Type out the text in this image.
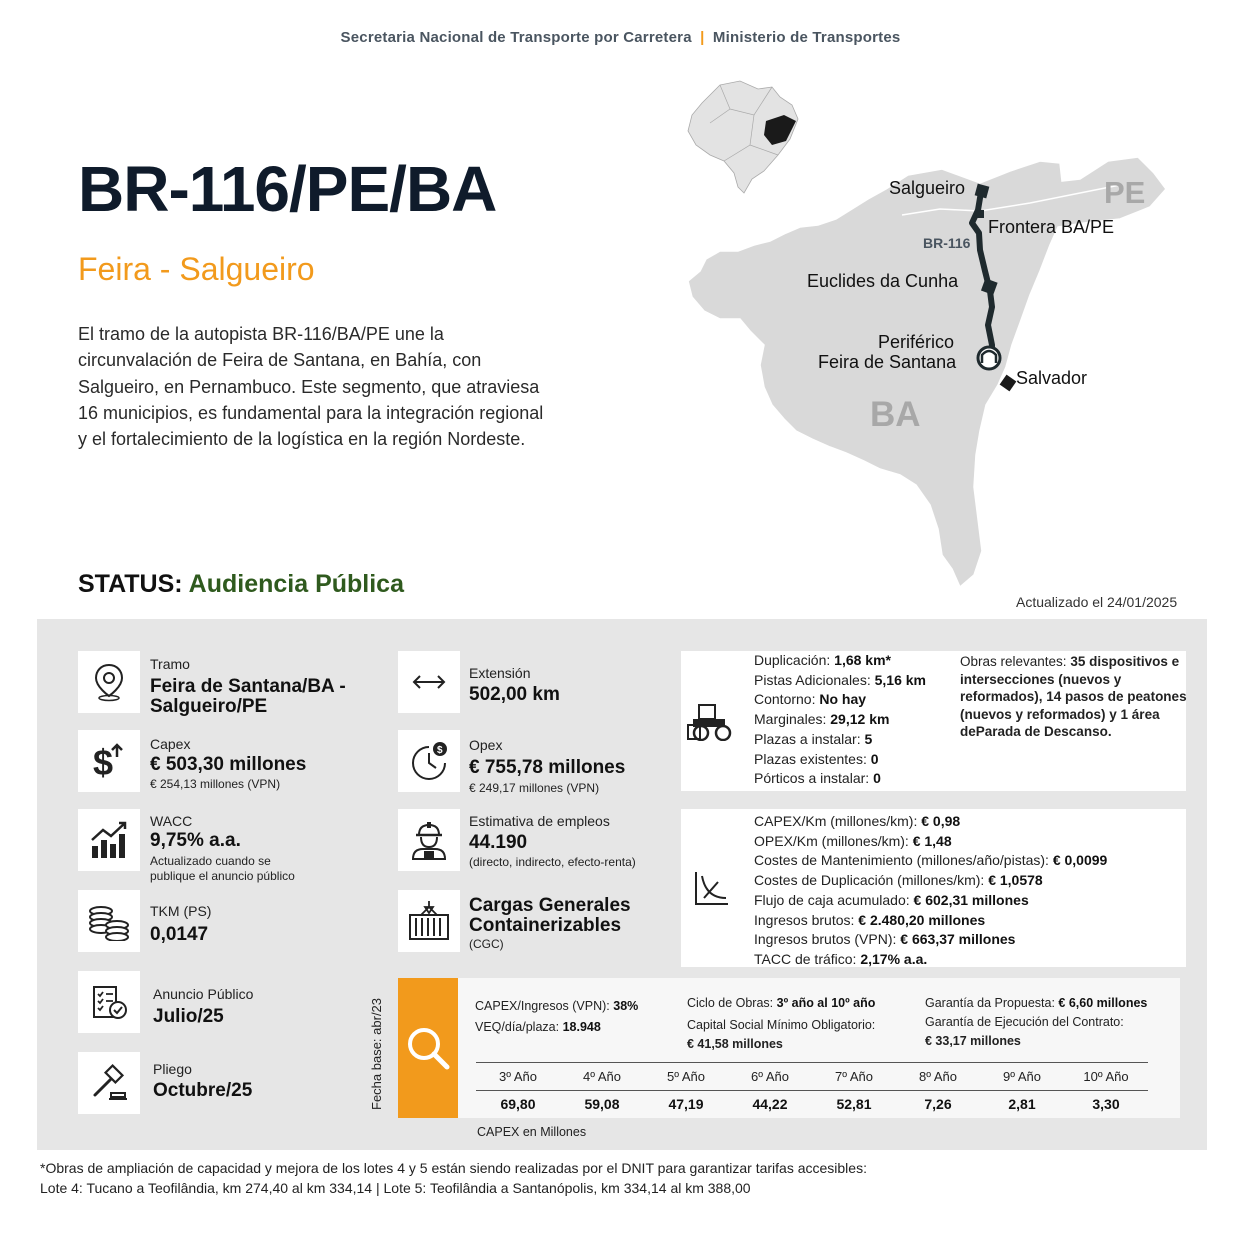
Secretaria Nacional de Transporte por Carretera | Ministerio de Transportes
BR-116/PE/BA
Feira - Salgueiro
El tramo de la autopista BR-116/BA/PE une la circunvalación de Feira de Santana, en Bahía, con Salgueiro, en Pernambuco. Este segmento, que atraviesa 16 municipios, es fundamental para la integración regional y el fortalecimiento de la logística en la región Nordeste.
STATUS: Audiencia Pública
Actualizado el 24/01/2025
PE
BA
Salgueiro
Frontera BA/PE
BR-116
Euclides da Cunha
Periférico
Feira de Santana
Salvador
Tramo
Feira de Santana/BA -
Salgueiro/PE
$	Capex
€ 503,30 millones
€ 254,13 millones (VPN)
WACC
9,75% a.a.
Actualizado cuando se
publique el anuncio público
TKM (PS)
0,0147
Anuncio Público
Julio/25
Pliego
Octubre/25
Extensión
502,00 km
$ Opex
€ 755,78 millones
€ 249,17 millones (VPN)
Estimativa de empleos
44.190
(directo, indirecto, efecto-renta)
Cargas Generales
Containerizables
(CGC)
Duplicación: 1,68 km*
Pistas Adicionales: 5,16 km
Contorno: No hay
Marginales: 29,12 km
Plazas a instalar: 5
Plazas existentes: 0
Pórticos a instalar: 0
Obras relevantes: 35 dispositivos e intersecciones (nuevos y reformados), 14 pasos de peatones (nuevos y reformados) y 1 área deParada de Descanso.
CAPEX/Km (millones/km): € 0,98
OPEX/Km (millones/km): € 1,48
Costes de Mantenimiento (millones/año/pistas): € 0,0099
Costes de Duplicación (millones/km): € 1,0578
Flujo de caja acumulado: € 602,31 millones
Ingresos brutos: € 2.480,20 millones
Ingresos brutos (VPN): € 663,37 millones
TACC de tráfico: 2,17% a.a.
CAPEX/Ingresos (VPN): 38%
VEQ/día/plaza: 18.948
Ciclo de Obras: 3º año al 10º año
Capital Social Mínimo Obligatorio:
€ 41,58 millones
Garantía da Propuesta: € 6,60 millones
Garantía de Ejecución del Contrato:
€ 33,17 millones
3º Año	4º Año	5º Año	6º Año	7º Año	8º Año	9º Año	10º Año
69,80	59,08	47,19	44,22	52,81	7,26	2,81	3,30
Fecha base: abr/23
CAPEX en Millones
*Obras de ampliación de capacidad y mejora de los lotes 4 y 5 están siendo realizadas por el DNIT para garantizar tarifas accesibles:
Lote 4: Tucano a Teofilândia, km 274,40 al km 334,14 | Lote 5: Teofilândia a Santanópolis, km 334,14 al km 388,00
